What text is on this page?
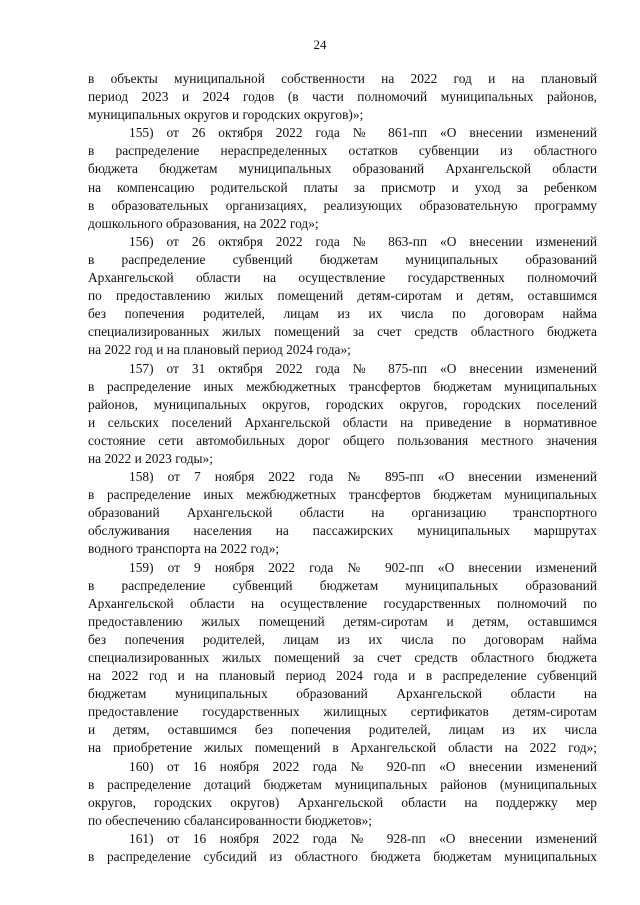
24
в объекты муниципальной собственности на 2022 год и на плановый
период 2023 и 2024 годов (в части полномочий муниципальных районов,
муниципальных округов и городских округов)»;
155) от 26 октября 2022 года № 861-пп «О внесении изменений
в распределение нераспределенных остатков субвенции из областного
бюджета бюджетам муниципальных образований Архангельской области
на компенсацию родительской платы за присмотр и уход за ребенком
в образовательных организациях, реализующих образовательную программу
дошкольного образования, на 2022 год»;
156) от 26 октября 2022 года № 863-пп «О внесении изменений
в распределение субвенций бюджетам муниципальных образований
Архангельской области на осуществление государственных полномочий
по предоставлению жилых помещений детям-сиротам и детям, оставшимся
без попечения родителей, лицам из их числа по договорам найма
специализированных жилых помещений за счет средств областного бюджета
на 2022 год и на плановый период 2024 года»;
157) от 31 октября 2022 года № 875-пп «О внесении изменений
в распределение иных межбюджетных трансфертов бюджетам муниципальных
районов, муниципальных округов, городских округов, городских поселений
и сельских поселений Архангельской области на приведение в нормативное
состояние сети автомобильных дорог общего пользования местного значения
на 2022 и 2023 годы»;
158) от 7 ноября 2022 года № 895-пп «О внесении изменений
в распределение иных межбюджетных трансфертов бюджетам муниципальных
образований Архангельской области на организацию транспортного
обслуживания населения на пассажирских муниципальных маршрутах
водного транспорта на 2022 год»;
159) от 9 ноября 2022 года № 902-пп «О внесении изменений
в распределение субвенций бюджетам муниципальных образований
Архангельской области на осуществление государственных полномочий по
предоставлению жилых помещений детям-сиротам и детям, оставшимся
без попечения родителей, лицам из их числа по договорам найма
специализированных жилых помещений за счет средств областного бюджета
на 2022 год и на плановый период 2024 года и в распределение субвенций
бюджетам муниципальных образований Архангельской области на
предоставление государственных жилищных сертификатов детям-сиротам
и детям, оставшимся без попечения родителей, лицам из их числа
на приобретение жилых помещений в Архангельской области на 2022 год»;
160) от 16 ноября 2022 года № 920-пп «О внесении изменений
в распределение дотаций бюджетам муниципальных районов (муниципальных
округов, городских округов) Архангельской области на поддержку мер
по обеспечению сбалансированности бюджетов»;
161) от 16 ноября 2022 года № 928-пп «О внесении изменений
в распределение субсидий из областного бюджета бюджетам муниципальных
